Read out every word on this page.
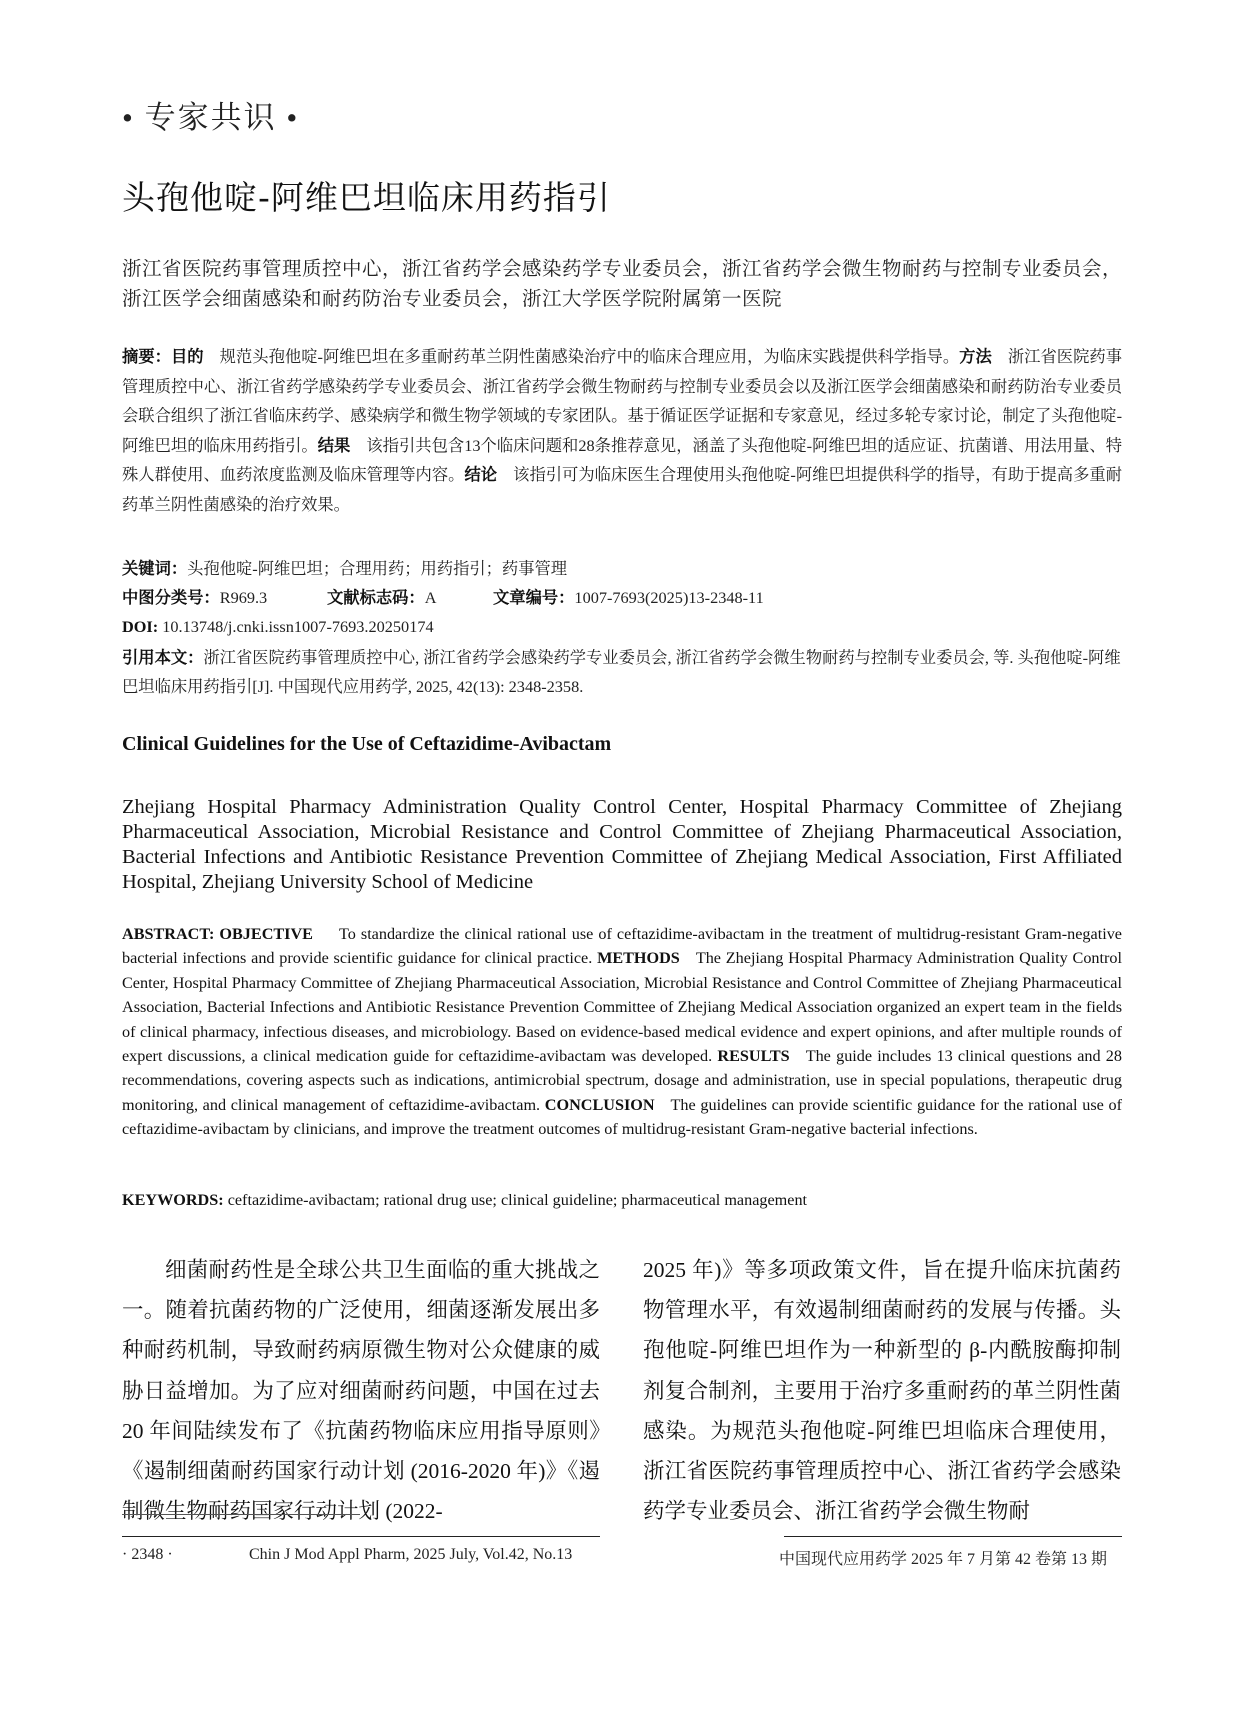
• 专家共识 •
头孢他啶-阿维巴坦临床用药指引
浙江省医院药事管理质控中心，浙江省药学会感染药学专业委员会，浙江省药学会微生物耐药与控制专业委员会，浙江医学会细菌感染和耐药防治专业委员会，浙江大学医学院附属第一医院
摘要：目的 规范头孢他啶-阿维巴坦在多重耐药革兰阴性菌感染治疗中的临床合理应用，为临床实践提供科学指导。方法 浙江省医院药事管理质控中心、浙江省药学感染药学专业委员会、浙江省药学会微生物耐药与控制专业委员会以及浙江医学会细菌感染和耐药防治专业委员会联合组织了浙江省临床药学、感染病学和微生物学领域的专家团队。基于循证医学证据和专家意见，经过多轮专家讨论，制定了头孢他啶-阿维巴坦的临床用药指引。结果 该指引共包含13个临床问题和28条推荐意见，涵盖了头孢他啶-阿维巴坦的适应证、抗菌谱、用法用量、特殊人群使用、血药浓度监测及临床管理等内容。结论 该指引可为临床医生合理使用头孢他啶-阿维巴坦提供科学的指导，有助于提高多重耐药革兰阴性菌感染的治疗效果。
关键词：头孢他啶-阿维巴坦；合理用药；用药指引；药事管理
中图分类号：R969.3	文献标志码：A	文章编号：1007-7693(2025)13-2348-11
DOI: 10.13748/j.cnki.issn1007-7693.20250174
引用本文：浙江省医院药事管理质控中心, 浙江省药学会感染药学专业委员会, 浙江省药学会微生物耐药与控制专业委员会, 等. 头孢他啶-阿维巴坦临床用药指引[J]. 中国现代应用药学, 2025, 42(13): 2348-2358.
Clinical Guidelines for the Use of Ceftazidime-Avibactam
Zhejiang Hospital Pharmacy Administration Quality Control Center, Hospital Pharmacy Committee of Zhejiang Pharmaceutical Association, Microbial Resistance and Control Committee of Zhejiang Pharmaceutical Association, Bacterial Infections and Antibiotic Resistance Prevention Committee of Zhejiang Medical Association, First Affiliated Hospital, Zhejiang University School of Medicine
ABSTRACT: OBJECTIVE To standardize the clinical rational use of ceftazidime-avibactam in the treatment of multidrug-resistant Gram-negative bacterial infections and provide scientific guidance for clinical practice. METHODS The Zhejiang Hospital Pharmacy Administration Quality Control Center, Hospital Pharmacy Committee of Zhejiang Pharmaceutical Association, Microbial Resistance and Control Committee of Zhejiang Pharmaceutical Association, Bacterial Infections and Antibiotic Resistance Prevention Committee of Zhejiang Medical Association organized an expert team in the fields of clinical pharmacy, infectious diseases, and microbiology. Based on evidence-based medical evidence and expert opinions, and after multiple rounds of expert discussions, a clinical medication guide for ceftazidime-avibactam was developed. RESULTS The guide includes 13 clinical questions and 28 recommendations, covering aspects such as indications, antimicrobial spectrum, dosage and administration, use in special populations, therapeutic drug monitoring, and clinical management of ceftazidime-avibactam. CONCLUSION The guidelines can provide scientific guidance for the rational use of ceftazidime-avibactam by clinicians, and improve the treatment outcomes of multidrug-resistant Gram-negative bacterial infections.
KEYWORDS: ceftazidime-avibactam; rational drug use; clinical guideline; pharmaceutical management
细菌耐药性是全球公共卫生面临的重大挑战之一。随着抗菌药物的广泛使用，细菌逐渐发展出多种耐药机制，导致耐药病原微生物对公众健康的威胁日益增加。为了应对细菌耐药问题，中国在过去 20 年间陆续发布了《抗菌药物临床应用指导原则》《遏制细菌耐药国家行动计划 (2016-2020 年)》《遏制微生物耐药国家行动计划 (2022-
2025 年)》等多项政策文件，旨在提升临床抗菌药物管理水平，有效遏制细菌耐药的发展与传播。头孢他啶-阿维巴坦作为一种新型的 β-内酰胺酶抑制剂复合制剂，主要用于治疗多重耐药的革兰阴性菌感染。为规范头孢他啶-阿维巴坦临床合理使用，浙江省医院药事管理质控中心、浙江省药学会感染药学专业委员会、浙江省药学会微生物耐
· 2348 ·	Chin J Mod Appl Pharm, 2025 July, Vol.42, No.13	中国现代应用药学 2025 年 7 月第 42 卷第 13 期
